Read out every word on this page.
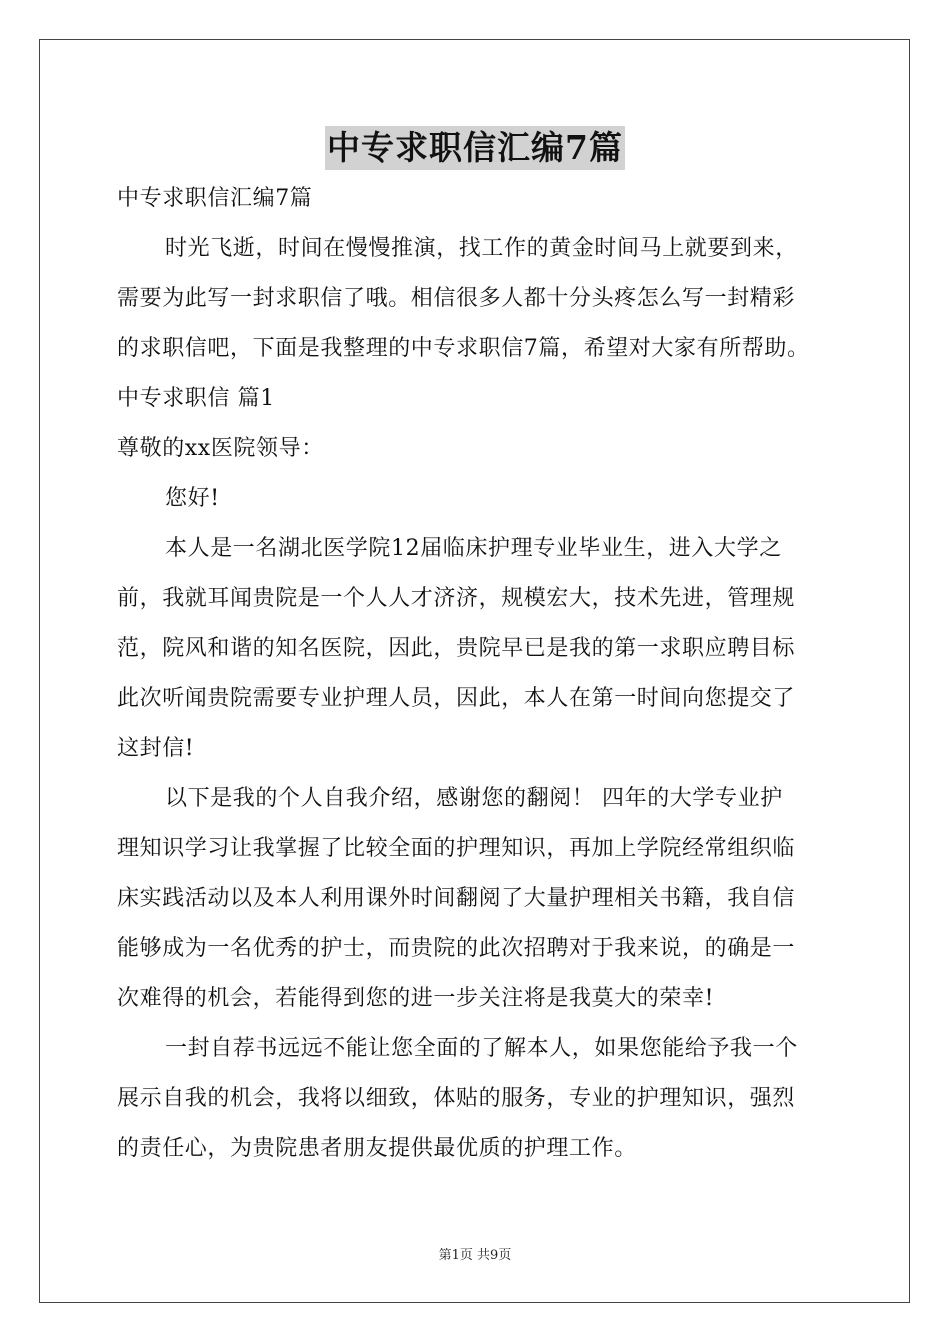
中专求职信汇编7篇
中专求职信汇编7篇
时光飞逝，时间在慢慢推演，找工作的黄金时间马上就要到来，
需要为此写一封求职信了哦。相信很多人都十分头疼怎么写一封精彩
的求职信吧，下面是我整理的中专求职信7篇，希望对大家有所帮助。
中专求职信 篇1
尊敬的xx医院领导：
您好!
本人是一名湖北医学院12届临床护理专业毕业生，进入大学之
前，我就耳闻贵院是一个人人才济济，规模宏大，技术先进，管理规
范，院风和谐的知名医院，因此，贵院早已是我的第一求职应聘目标
此次听闻贵院需要专业护理人员，因此，本人在第一时间向您提交了
这封信!
以下是我的个人自我介绍，感谢您的翻阅！ 四年的大学专业护
理知识学习让我掌握了比较全面的护理知识，再加上学院经常组织临
床实践活动以及本人利用课外时间翻阅了大量护理相关书籍，我自信
能够成为一名优秀的护士，而贵院的此次招聘对于我来说，的确是一
次难得的机会，若能得到您的进一步关注将是我莫大的荣幸!
一封自荐书远远不能让您全面的了解本人，如果您能给予我一个
展示自我的机会，我将以细致，体贴的服务，专业的护理知识，强烈
的责任心，为贵院患者朋友提供最优质的护理工作。
第1页 共9页
